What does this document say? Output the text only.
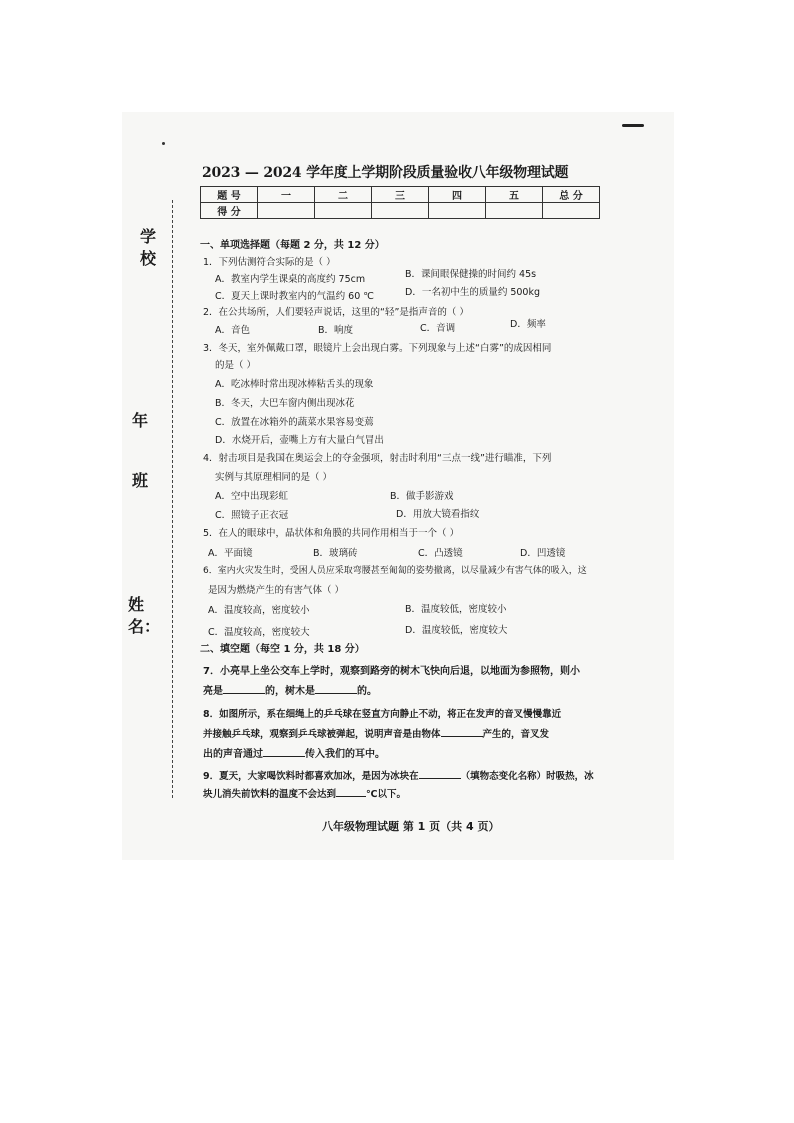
学校
年
班
姓名：
2023 — 2024 学年度上学期阶段质量验收八年级物理试题
题 号	一	二	三	四	五	总 分
得 分						
一、单项选择题（每题 2 分，共 12 分）
1．下列估测符合实际的是（ ）
A．教室内学生课桌的高度约 75cm	B．课间眼保健操的时间约 45s
C．夏天上课时教室内的气温约 60 ℃	D．一名初中生的质量约 500kg
2．在公共场所，人们要轻声说话，这里的“轻”是指声音的（ ）
A．音色	B．响度	C．音调	D．频率
3．冬天，室外佩戴口罩，眼镜片上会出现白雾。下列现象与上述“白雾”的成因相同
的是（ ）
A．吃冰棒时常出现冰棒粘舌头的现象
B．冬天，大巴车窗内侧出现冰花
C．放置在冰箱外的蔬菜水果容易变蔫
D．水烧开后，壶嘴上方有大量白气冒出
4．射击项目是我国在奥运会上的夺金强项，射击时利用“三点一线”进行瞄准，下列
实例与其原理相同的是（ ）
A．空中出现彩虹	B．做手影游戏
C．照镜子正衣冠	D．用放大镜看指纹
5．在人的眼球中，晶状体和角膜的共同作用相当于一个（ ）
A．平面镜	B．玻璃砖	C．凸透镜	D．凹透镜
6．室内火灾发生时，受困人员应采取弯腰甚至匍匐的姿势撤离，以尽量减少有害气体的吸入，这
是因为燃烧产生的有害气体（ ）
A．温度较高，密度较小	B．温度较低，密度较小
C．温度较高，密度较大	D．温度较低，密度较大
二、填空题（每空 1 分，共 18 分）
7．小亮早上坐公交车上学时，观察到路旁的树木飞快向后退，以地面为参照物，则小
亮是	的，树木是	的。
8．如图所示，系在细绳上的乒乓球在竖直方向静止不动，将正在发声的音叉慢慢靠近
并接触乒乓球，观察到乒乓球被弹起，说明声音是由物体	产生的，音叉发
出的声音通过	传入我们的耳中。
9．夏天，大家喝饮料时都喜欢加冰，是因为冰块在	（填物态变化名称）时吸热，冰
块儿消失前饮料的温度不会达到	℃以下。
八年级物理试题 第 1 页（共 4 页）
